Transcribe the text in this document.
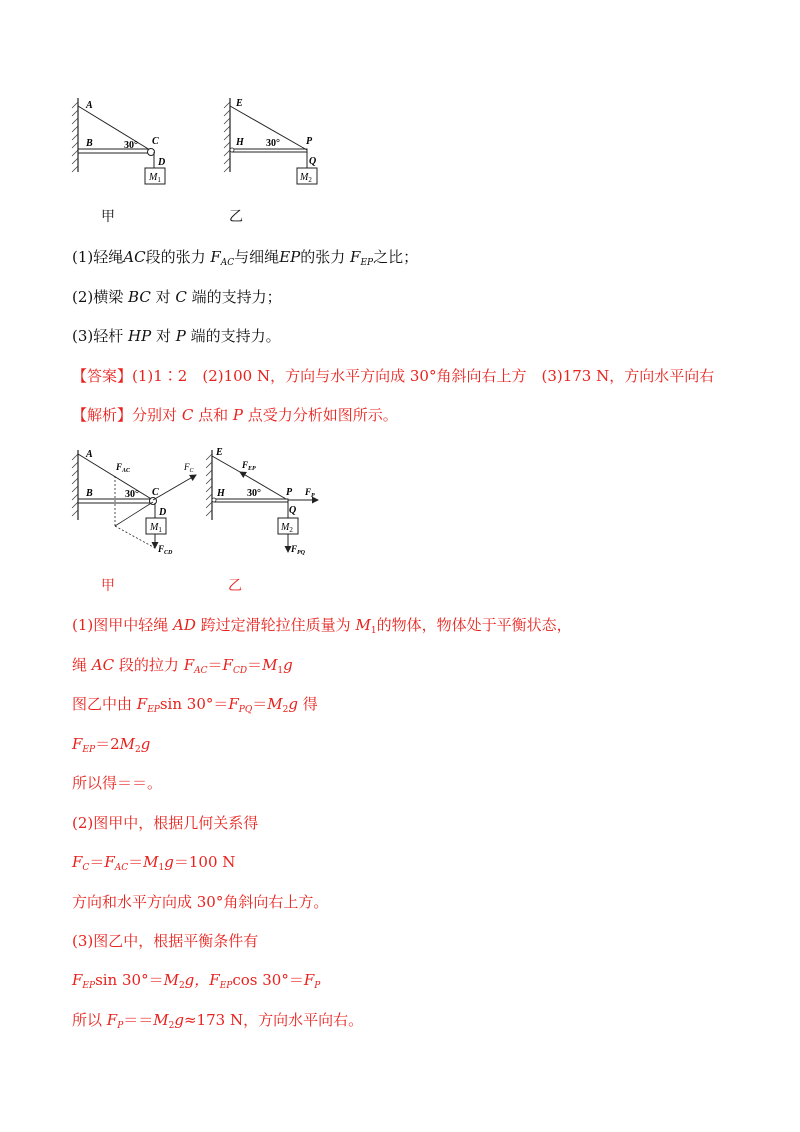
A
B	30° C
D
$M_1$
E
H 30°	P
Q
$M_2$
甲	乙
(1)轻绳AC段的张力 $F_{AC}$与细绳EP的张力 $F_{EP}$之比；
(2)横梁 BC 对 C 端的支持力；
(3)轻杆 HP 对 P 端的支持力。
【答案】(1)1∶2　(2)100 N，方向与水平方向成 30°角斜向右上方　(3)173 N，方向水平向右
【解析】分别对 C 点和 P 点受力分析如图所示。
A
$F_{AC}$	$F_C$
B	30° C
D
$M_1$
$F_{CD}$
E
$F_{EP}$
H 30°	P $F_P$
Q
$M_2$
$F_{PQ}$
甲	乙
(1)图甲中轻绳 AD 跨过定滑轮拉住质量为 $M_1$的物体，物体处于平衡状态，
绳 AC 段的拉力 $F_{AC}=F_{CD}=M_1g$
图乙中由 $F_{EP}\sin$ $30^\circ=F_{PQ}=M_2g$ 得
$F_{EP}=2M_2g$
所以得＝＝。
(2)图甲中，根据几何关系得
$F_C=F_{AC}=M_1g=100$ N
方向和水平方向成 30°角斜向右上方。
(3)图乙中，根据平衡条件有
$F_{EP}\sin$ $30^\circ=M_2g$，$F_{EP}\cos$ $30^\circ=F_P$
所以 $F_P==M_2g\approx 173$ N，方向水平向右。
